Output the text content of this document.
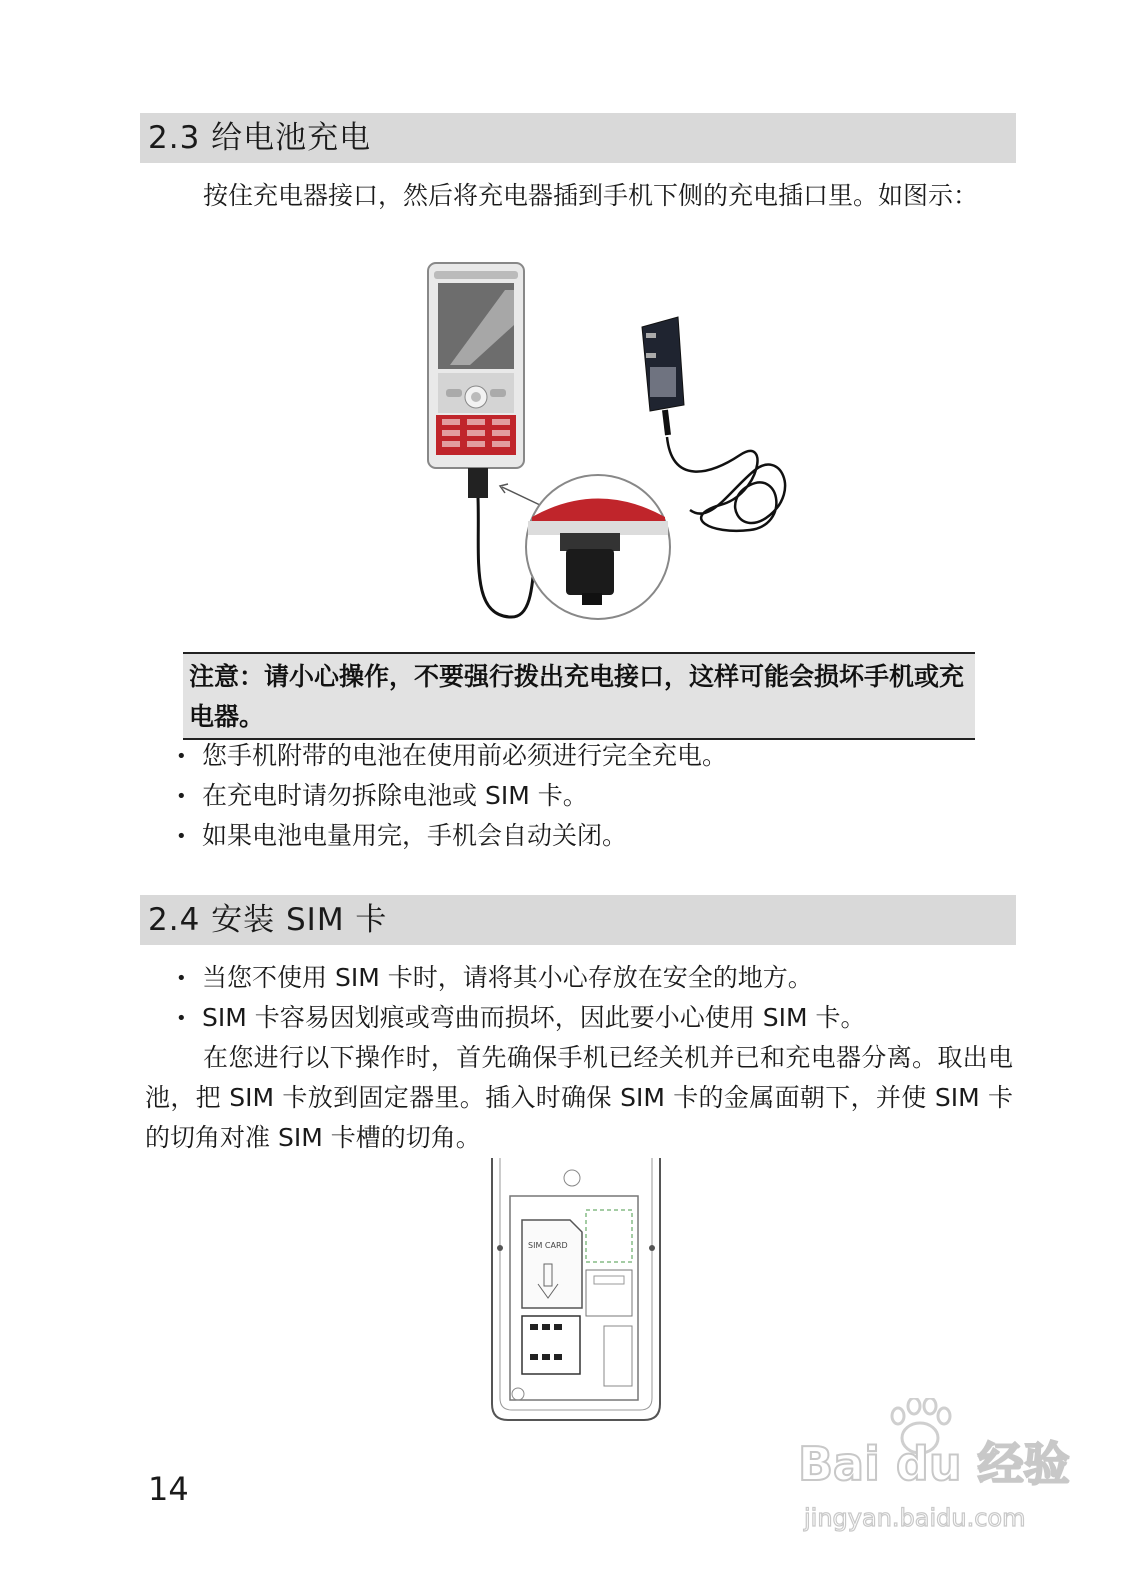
2.3 给电池充电

按住充电器接口，然后将充电器插到手机下侧的充电插口里。如图示：

注意：请小心操作，不要强行拨出充电接口，这样可能会损坏手机或充电器。
• 您手机附带的电池在使用前必须进行完全充电。
• 在充电时请勿拆除电池或 SIM 卡。
• 如果电池电量用完，手机会自动关闭。
2.4 安装 SIM 卡
• 当您不使用 SIM 卡时，请将其小心存放在安全的地方。
• SIM 卡容易因划痕或弯曲而损坏，因此要小心使用 SIM 卡。

在您进行以下操作时，首先确保手机已经关机并已和充电器分离。取出电池，把 SIM 卡放到固定器里。插入时确保 SIM 卡的金属面朝下，并使 SIM 卡的切角对准 SIM 卡槽的切角。

SIM CARD
14	Bai du 经验
jingyan.baidu.com
